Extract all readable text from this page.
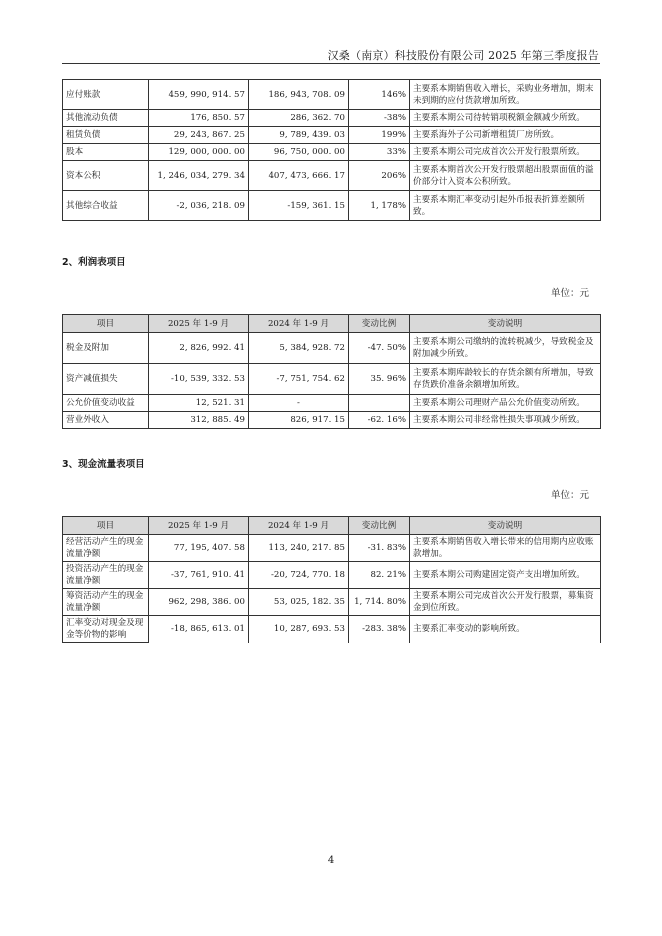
汉桑（南京）科技股份有限公司 2025 年第三季度报告
应付账款	459, 990, 914. 57	186, 943, 708. 09	146%	主要系本期销售收入增长，采购业务增加，期末未到期的应付货款增加所致。
其他流动负债	176, 850. 57	286, 362. 70	-38%	主要系本期公司待转销项税额金额减少所致。
租赁负债	29, 243, 867. 25	9, 789, 439. 03	199%	主要系海外子公司新增租赁厂房所致。
股本	129, 000, 000. 00	96, 750, 000. 00	33%	主要系本期公司完成首次公开发行股票所致。
资本公积	1, 246, 034, 279. 34	407, 473, 666. 17	206%	主要系本期首次公开发行股票超出股票面值的溢价部分计入资本公积所致。
其他综合收益	-2, 036, 218. 09	-159, 361. 15	1, 178%	主要系本期汇率变动引起外币报表折算差额所致。
2、利润表项目
单位：元
项目	2025 年 1-9 月	2024 年 1-9 月	变动比例	变动说明
税金及附加	2, 826, 992. 41	5, 384, 928. 72	-47. 50%	主要系本期公司缴纳的流转税减少，导致税金及附加减少所致。
资产减值损失	-10, 539, 332. 53	-7, 751, 754. 62	35. 96%	主要系本期库龄较长的存货余额有所增加，导致存货跌价准备余额增加所致。
公允价值变动收益	12, 521. 31	-		主要系本期公司理财产品公允价值变动所致。
营业外收入	312, 885. 49	826, 917. 15	-62. 16%	主要系本期公司非经常性损失事项减少所致。
3、现金流量表项目
单位：元
项目	2025 年 1-9 月	2024 年 1-9 月	变动比例	变动说明
经营活动产生的现金流量净额	77, 195, 407. 58	113, 240, 217. 85	-31. 83%	主要系本期销售收入增长带来的信用期内应收账款增加。
投资活动产生的现金流量净额	-37, 761, 910. 41	-20, 724, 770. 18	82. 21%	主要系本期公司购建固定资产支出增加所致。
筹资活动产生的现金流量净额	962, 298, 386. 00	53, 025, 182. 35	1, 714. 80%	主要系本期公司完成首次公开发行股票，募集资金到位所致。
汇率变动对现金及现金等价物的影响	-18, 865, 613. 01	10, 287, 693. 53	-283. 38%	主要系汇率变动的影响所致。
4
